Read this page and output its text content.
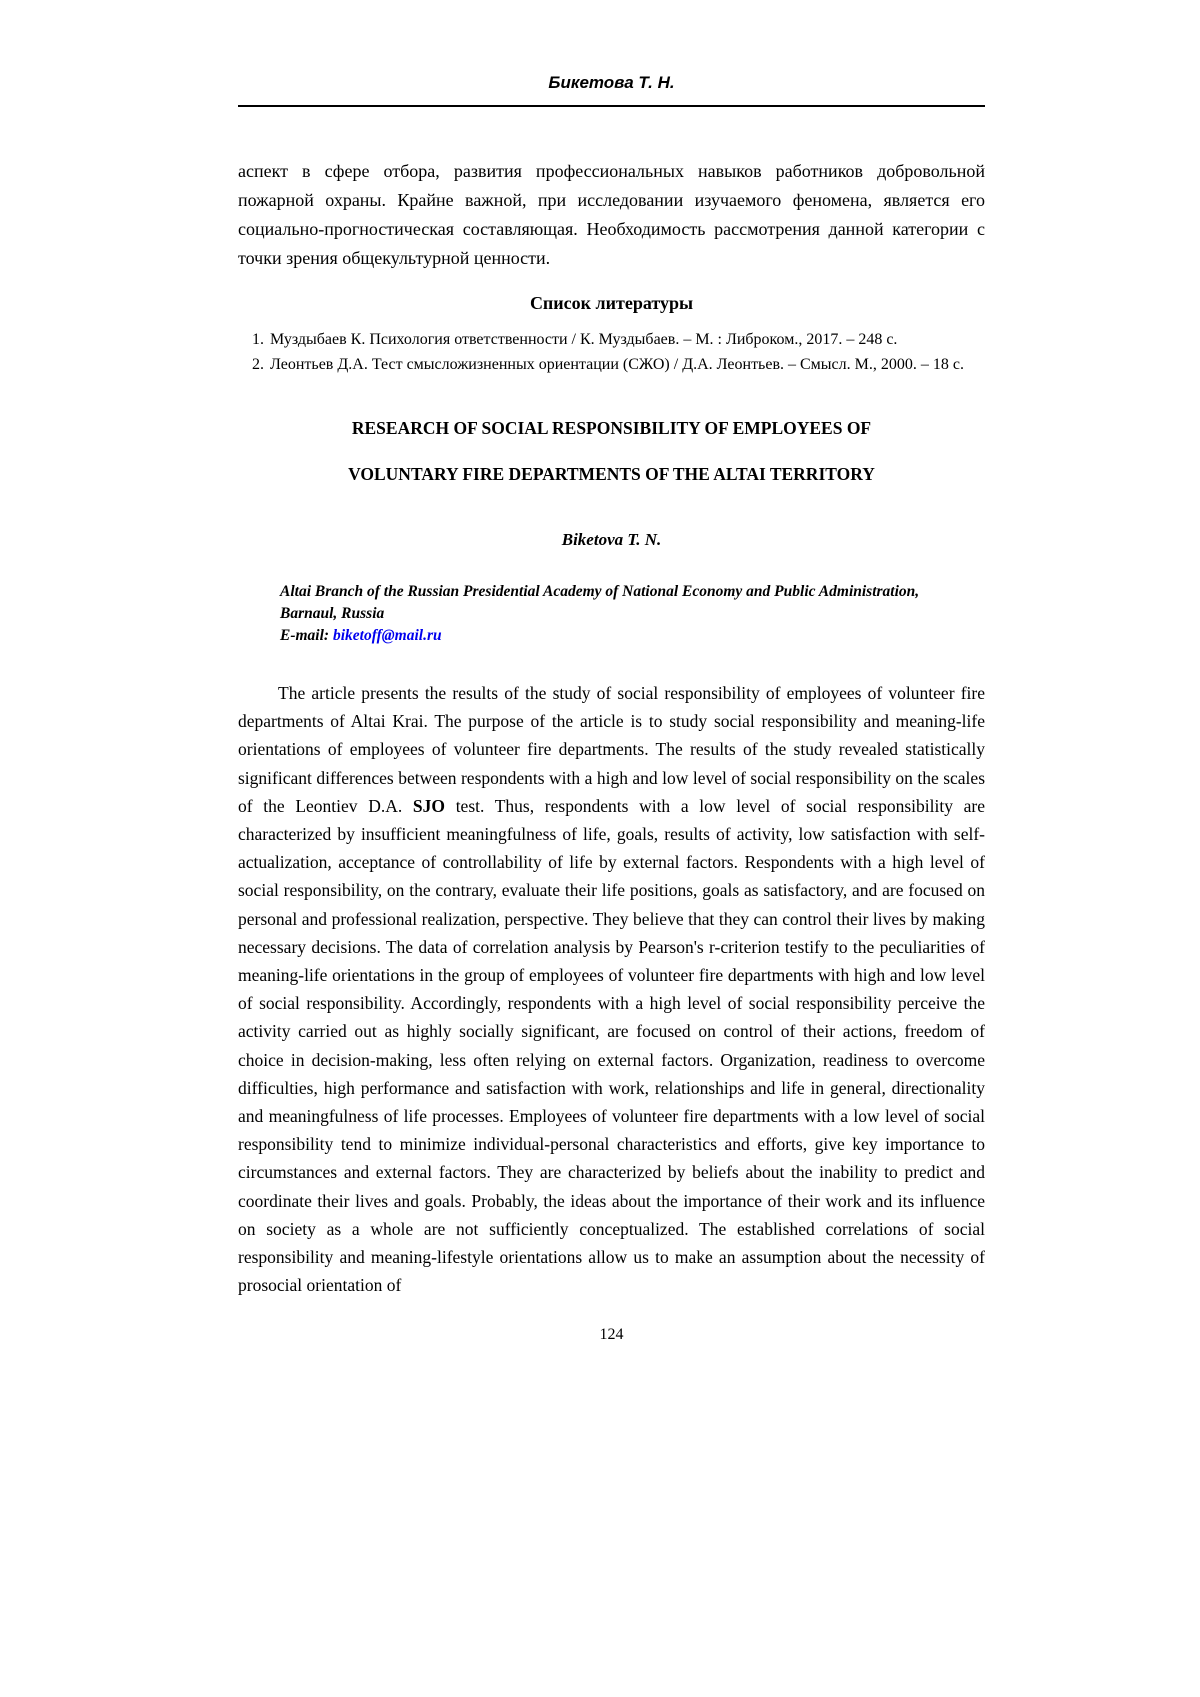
Бикетова Т. Н.

аспект в сфере отбора, развития профессиональных навыков работников добровольной пожарной охраны. Крайне важной, при исследовании изучаемого феномена, является его социально-прогностическая составляющая. Необходимость рассмотрения данной категории с точки зрения общекультурной ценности.

Список литературы
1. Муздыбаев К. Психология ответственности / К. Муздыбаев. – М. : Либроком., 2017. – 248 с.
2. Леонтьев Д.А. Тест смысложизненных ориентации (СЖО) / Д.А. Леонтьев. – Смысл. М., 2000. – 18 с.
RESEARCH OF SOCIAL RESPONSIBILITY OF EMPLOYEES OF
VOLUNTARY FIRE DEPARTMENTS OF THE ALTAI TERRITORY
Biketova T. N.
Altai Branch of the Russian Presidential Academy of National Economy and Public Administration,
Barnaul, Russia
E-mail: biketoff@mail.ru

The article presents the results of the study of social responsibility of employees of volunteer fire departments of Altai Krai. The purpose of the article is to study social responsibility and meaning-life orientations of employees of volunteer fire departments. The results of the study revealed statistically significant differences between respondents with a high and low level of social responsibility on the scales of the Leontiev D.A. SJO test. Thus, respondents with a low level of social responsibility are characterized by insufficient meaningfulness of life, goals, results of activity, low satisfaction with self-actualization, acceptance of controllability of life by external factors. Respondents with a high level of social responsibility, on the contrary, evaluate their life positions, goals as satisfactory, and are focused on personal and professional realization, perspective. They believe that they can control their lives by making necessary decisions. The data of correlation analysis by Pearson's r-criterion testify to the peculiarities of meaning-life orientations in the group of employees of volunteer fire departments with high and low level of social responsibility. Accordingly, respondents with a high level of social responsibility perceive the activity carried out as highly socially significant, are focused on control of their actions, freedom of choice in decision-making, less often relying on external factors. Organization, readiness to overcome difficulties, high performance and satisfaction with work, relationships and life in general, directionality and meaningfulness of life processes. Employees of volunteer fire departments with a low level of social responsibility tend to minimize individual-personal characteristics and efforts, give key importance to circumstances and external factors. They are characterized by beliefs about the inability to predict and coordinate their lives and goals. Probably, the ideas about the importance of their work and its influence on society as a whole are not sufficiently conceptualized. The established correlations of social responsibility and meaning-lifestyle orientations allow us to make an assumption about the necessity of prosocial orientation of

124
